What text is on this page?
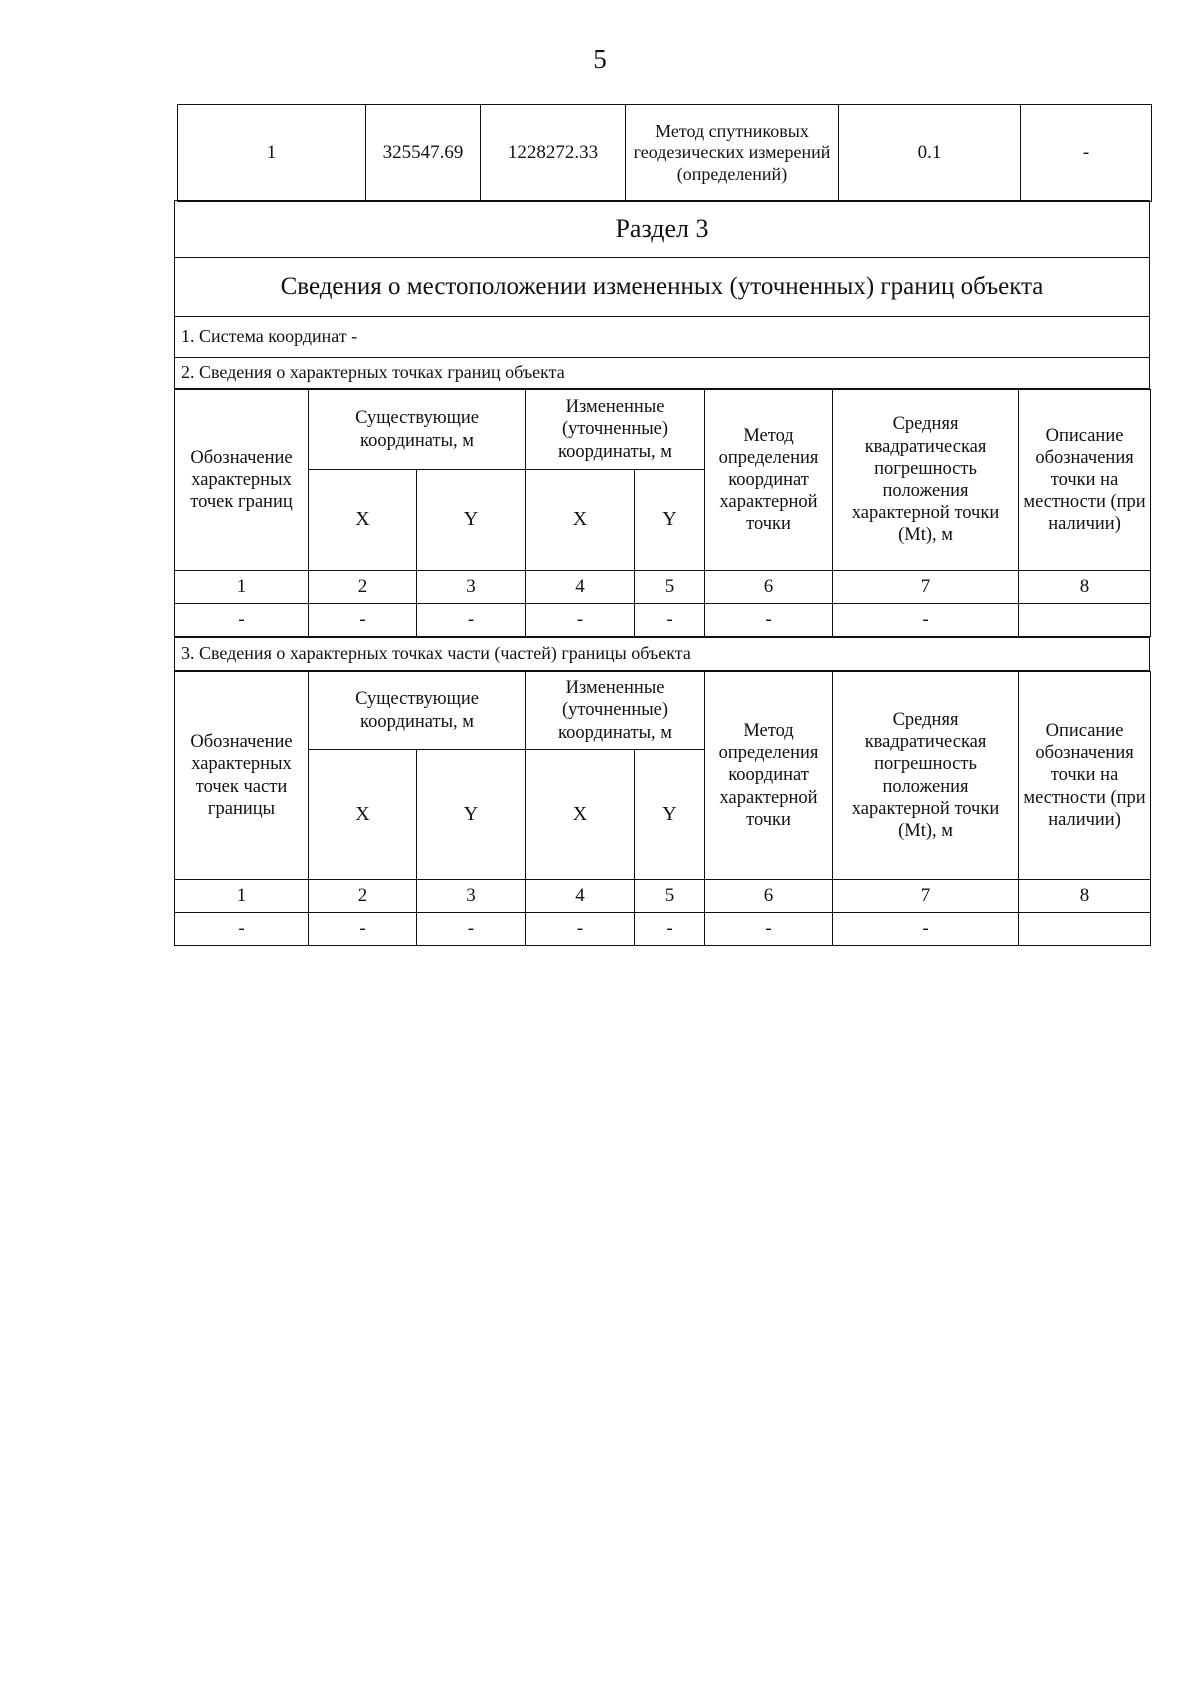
5
1	325547.69	1228272.33	Метод спутниковых геодезических измерений (определений)	0.1	-
Раздел 3
Сведения о местоположении измененных (уточненных) границ объекта
1. Система координат -
2. Сведения о характерных точках границ объекта
Обозначение характерных точек границ	Существующие координаты, м		Измененные (уточненные) координаты, м		Метод определения координат характерной точки	Средняя квадратическая погрешность положения характерной точки (Mt), м	Описание обозначения точки на местности (при наличии)
	X	Y	X	Y			
1	2	3	4	5	6	7	8
-	-	-	-	-	-	-	
3. Сведения о характерных точках части (частей) границы объекта
Обозначение характерных точек части границы	Существующие координаты, м		Измененные (уточненные) координаты, м		Метод определения координат характерной точки	Средняя квадратическая погрешность положения характерной точки (Mt), м	Описание обозначения точки на местности (при наличии)
	X	Y	X	Y			
1	2	3	4	5	6	7	8
-	-	-	-	-	-	-	
